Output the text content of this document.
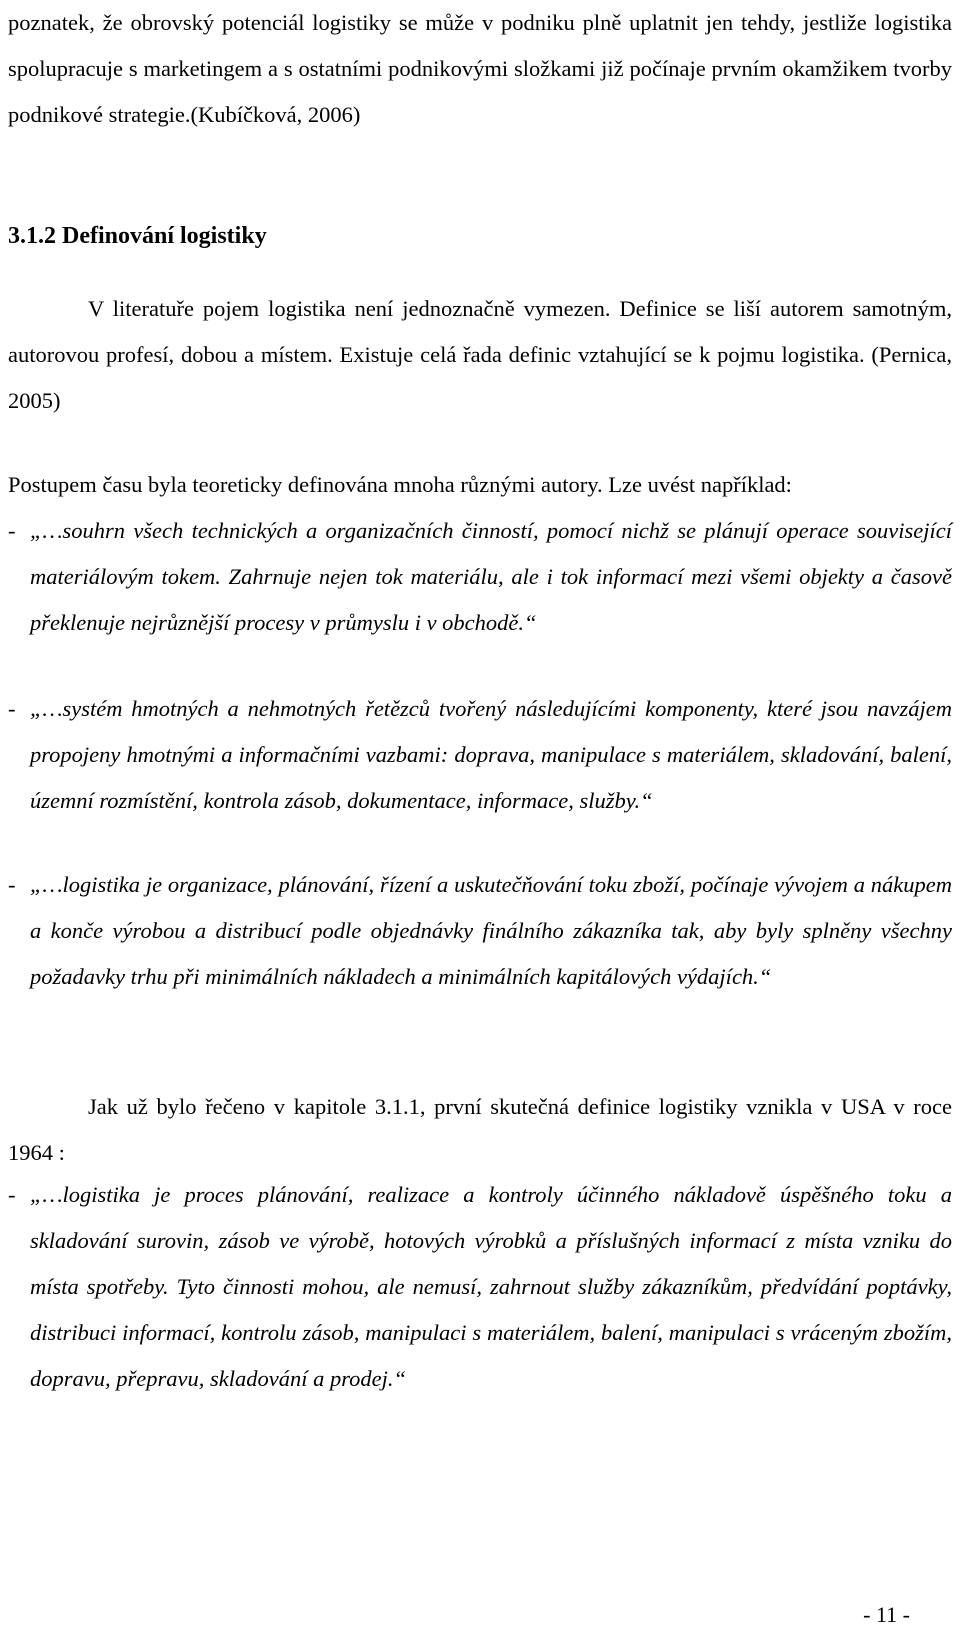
poznatek, že obrovský potenciál logistiky se může v podniku plně uplatnit jen tehdy, jestliže logistika spolupracuje s marketingem a s ostatními podnikovými složkami již počínaje prvním okamžikem tvorby podnikové strategie.(Kubíčková, 2006)

3.1.2 Definování logistiky

V literatuře pojem logistika není jednoznačně vymezen. Definice se liší autorem samotným, autorovou profesí, dobou a místem. Existuje celá řada definic vztahující se k pojmu logistika. (Pernica, 2005)

Postupem času byla teoreticky definována mnoha různými autory. Lze uvést například:

- „…souhrn všech technických a organizačních činností, pomocí nichž se plánují operace související materiálovým tokem. Zahrnuje nejen tok materiálu, ale i tok informací mezi všemi objekty a časově překlenuje nejrůznější procesy v průmyslu i v obchodě.“
- „…systém hmotných a nehmotných řetězců tvořený následujícími komponenty, které jsou navzájem propojeny hmotnými a informačními vazbami: doprava, manipulace s materiálem, skladování, balení, územní rozmístění, kontrola zásob, dokumentace, informace, služby.“
- „…logistika je organizace, plánování, řízení a uskutečňování toku zboží, počínaje vývojem a nákupem a konče výrobou a distribucí podle objednávky finálního zákazníka tak, aby byly splněny všechny požadavky trhu při minimálních nákladech a minimálních kapitálových výdajích.“

Jak už bylo řečeno v kapitole 3.1.1, první skutečná definice logistiky vznikla v USA v roce 1964 :

- „…logistika je proces plánování, realizace a kontroly účinného nákladově úspěšného toku a skladování surovin, zásob ve výrobě, hotových výrobků a příslušných informací z místa vzniku do místa spotřeby. Tyto činnosti mohou, ale nemusí, zahrnout služby zákazníkům, předvídání poptávky, distribuci informací, kontrolu zásob, manipulaci s materiálem, balení, manipulaci s vráceným zbožím, dopravu, přepravu, skladování a prodej.“
- 11 -
